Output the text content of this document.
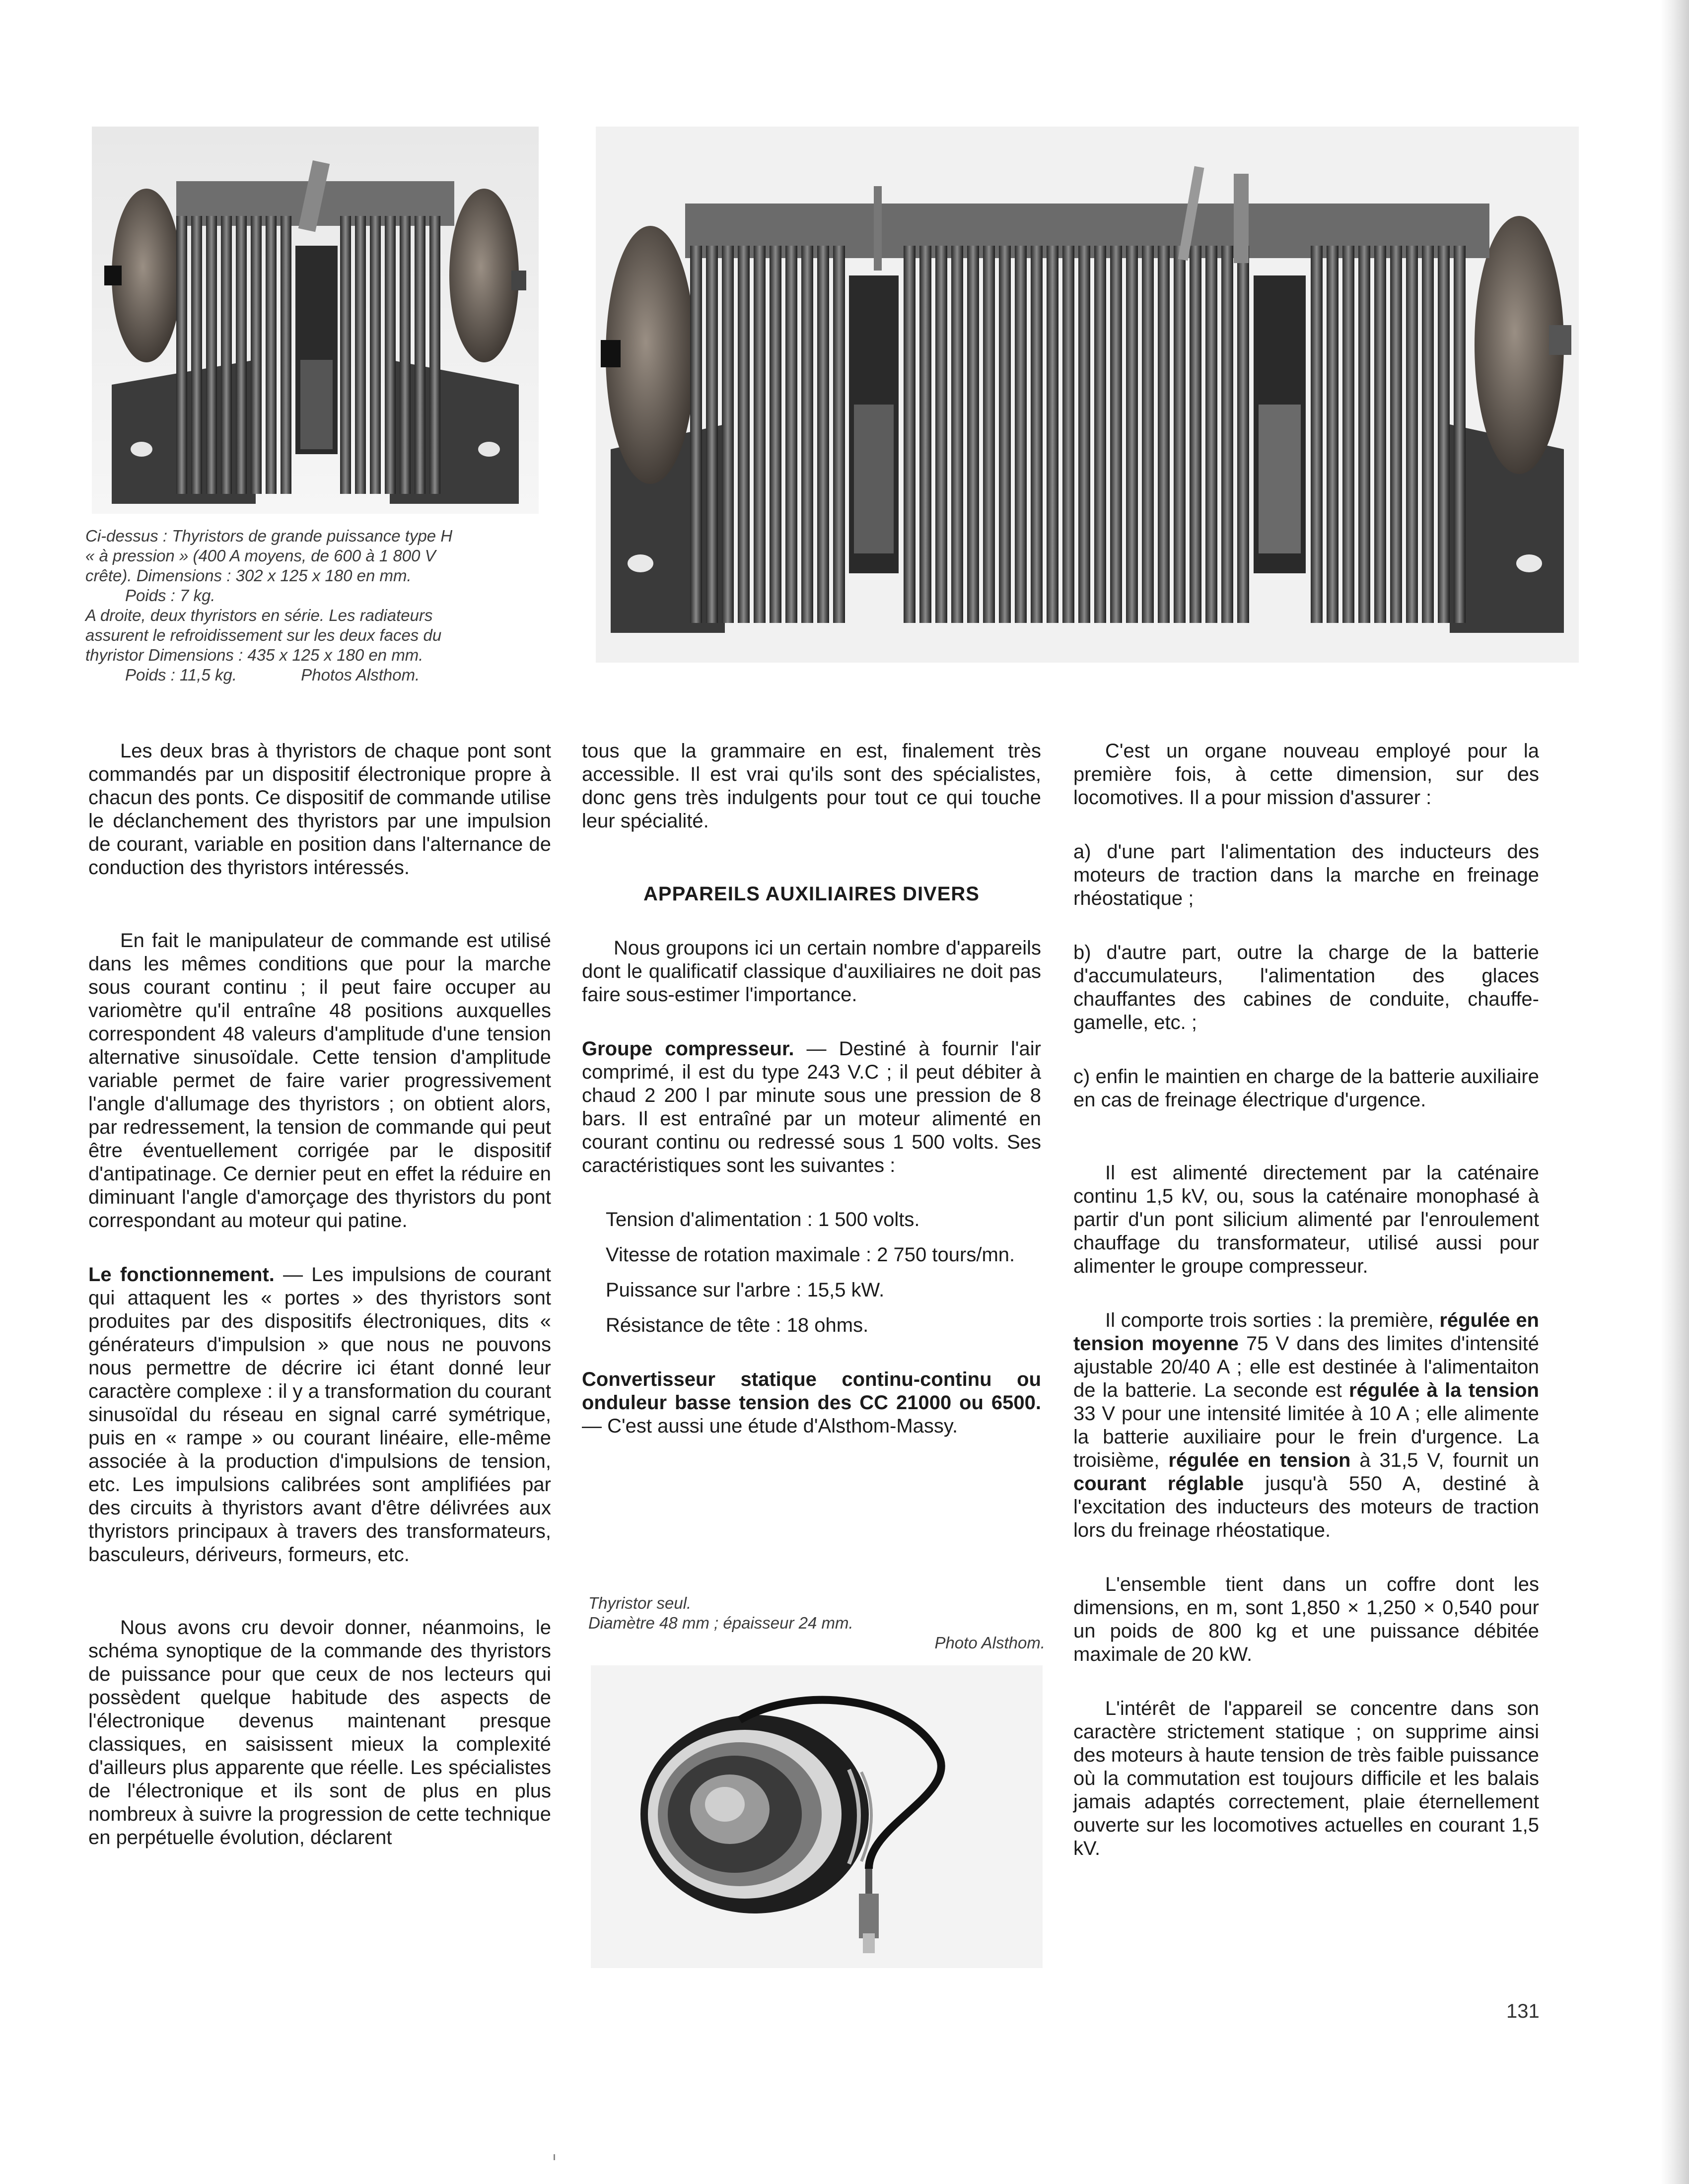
Ci-dessus : Thyristors de grande puissance type H

« à pression » (400 A moyens, de 600 à 1 800 V

crête). Dimensions : 302 x 125 x 180 en mm.

Poids : 7 kg.

A droite, deux thyristors en série. Les radiateurs

assurent le refroidissement sur les deux faces du

thyristor Dimensions : 435 x 125 x 180 en mm.

Poids : 11,5 kg.	Photos Alsthom.

Les deux bras à thyristors de chaque pont sont commandés par un dispositif électronique propre à chacun des ponts. Ce dispositif de commande utilise le déclanchement des thyristors par une impulsion de courant, variable en position dans l'alternance de conduction des thyristors intéressés.

En fait le manipulateur de commande est utilisé dans les mêmes conditions que pour la marche sous courant continu ; il peut faire occuper au variomètre qu'il entraîne 48 positions auxquelles correspondent 48 valeurs d'amplitude d'une tension alternative sinusoïdale. Cette tension d'amplitude variable permet de faire varier progressivement l'angle d'allumage des thyristors ; on obtient alors, par redressement, la tension de commande qui peut être éventuellement corrigée par le dispositif d'antipatinage. Ce dernier peut en effet la réduire en diminuant l'angle d'amorçage des thyristors du pont correspondant au moteur qui patine.

Le fonctionnement. — Les impulsions de courant qui attaquent les « portes » des thyristors sont produites par des dispositifs électroniques, dits « générateurs d'impulsion » que nous ne pouvons nous permettre de décrire ici étant donné leur caractère complexe : il y a transformation du courant sinusoïdal du réseau en signal carré symétrique, puis en « rampe » ou courant linéaire, elle-même associée à la production d'impulsions de tension, etc. Les impulsions calibrées sont amplifiées par des circuits à thyristors avant d'être délivrées aux thyristors principaux à travers des transformateurs, basculeurs, dériveurs, formeurs, etc.

Nous avons cru devoir donner, néanmoins, le schéma synoptique de la commande des thyristors de puissance pour que ceux de nos lecteurs qui possèdent quelque habitude des aspects de l'électronique devenus maintenant presque classiques, en saisissent mieux la complexité d'ailleurs plus apparente que réelle. Les spécialistes de l'électronique et ils sont de plus en plus nombreux à suivre la progression de cette technique en perpétuelle évolution, déclarent

tous que la grammaire en est, finalement très accessible. Il est vrai qu'ils sont des spécialistes, donc gens très indulgents pour tout ce qui touche leur spécialité.

APPAREILS AUXILIAIRES DIVERS

Nous groupons ici un certain nombre d'appareils dont le qualificatif classique d'auxiliaires ne doit pas faire sous-estimer l'importance.

Groupe compresseur. — Destiné à fournir l'air comprimé, il est du type 243 V.C ; il peut débiter à chaud 2 200 l par minute sous une pression de 8 bars. Il est entraîné par un moteur alimenté en courant continu ou redressé sous 1 500 volts. Ses caractéristiques sont les suivantes :

Tension d'alimentation : 1 500 volts.

Vitesse de rotation maximale : 2 750 tours/mn.

Puissance sur l'arbre : 15,5 kW.

Résistance de tête : 18 ohms.

Convertisseur statique continu-continu ou onduleur basse tension des CC 21000 ou 6500. — C'est aussi une étude d'Alsthom-Massy.

Thyristor seul.

Diamètre 48 mm ; épaisseur 24 mm.

Photo Alsthom.

C'est un organe nouveau employé pour la première fois, à cette dimension, sur des locomotives. Il a pour mission d'assurer :

a) d'une part l'alimentation des inducteurs des moteurs de traction dans la marche en freinage rhéostatique ;

b) d'autre part, outre la charge de la batterie d'accumulateurs, l'alimentation des glaces chauffantes des cabines de conduite, chauffe-gamelle, etc. ;

c) enfin le maintien en charge de la batterie auxiliaire en cas de freinage électrique d'urgence.

Il est alimenté directement par la caténaire continu 1,5 kV, ou, sous la caténaire monophasé à partir d'un pont silicium alimenté par l'enroulement chauffage du transformateur, utilisé aussi pour alimenter le groupe compresseur.

Il comporte trois sorties : la première, régulée en tension moyenne 75 V dans des limites d'intensité ajustable 20/40 A ; elle est destinée à l'alimentaiton de la batterie. La seconde est régulée à la tension 33 V pour une intensité limitée à 10 A ; elle alimente la batterie auxiliaire pour le frein d'urgence. La troisième, régulée en tension à 31,5 V, fournit un courant réglable jusqu'à 550 A, destiné à l'excitation des inducteurs des moteurs de traction lors du freinage rhéostatique.

L'ensemble tient dans un coffre dont les dimensions, en m, sont 1,850 × 1,250 × 0,540 pour un poids de 800 kg et une puissance débitée maximale de 20 kW.

L'intérêt de l'appareil se concentre dans son caractère strictement statique ; on supprime ainsi des moteurs à haute tension de très faible puissance où la commutation est toujours difficile et les balais jamais adaptés correctement, plaie éternellement ouverte sur les locomotives actuelles en courant 1,5 kV.

131
